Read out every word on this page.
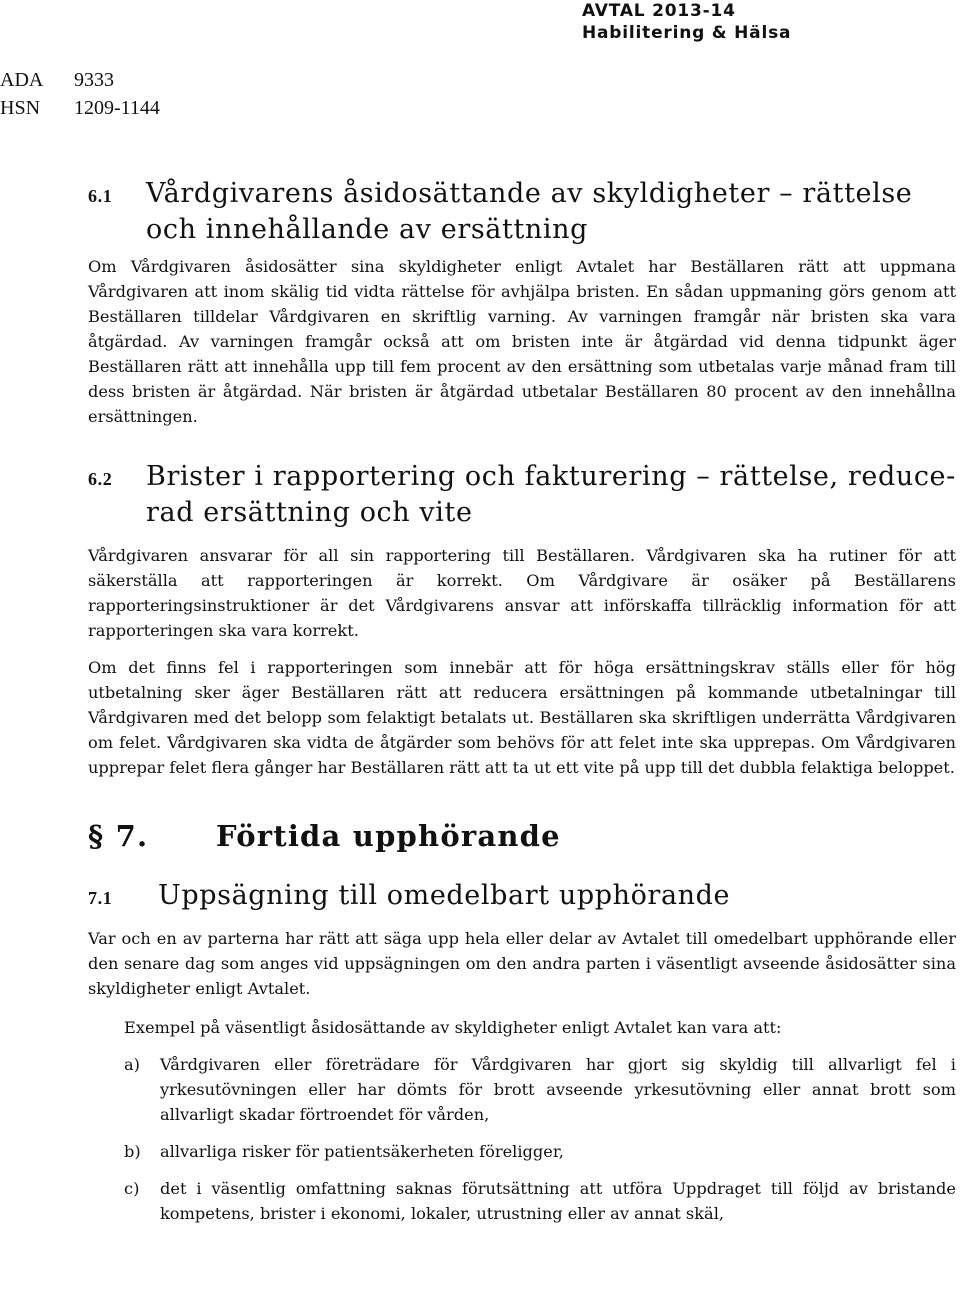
AVTAL 2013-14
Habilitering & Hälsa
ADA	9333
HSN	1209-1144
6.1	Vårdgivarens åsidosättande av skyldigheter – rättelse
och innehållande av ersättning

Om Vårdgivaren åsidosätter sina skyldigheter enligt Avtalet har Beställaren rätt att uppmana Vårdgivaren att inom skälig tid vidta rättelse för avhjälpa bristen. En sådan uppmaning görs genom att Beställaren tilldelar Vårdgivaren en skriftlig varning. Av varningen framgår när bristen ska vara åtgärdad. Av varningen framgår också att om bristen inte är åtgärdad vid denna tidpunkt äger Beställaren rätt att innehålla upp till fem procent av den ersättning som utbetalas varje månad fram till dess bristen är åtgärdad. När bristen är åtgärdad utbetalar Beställaren 80 procent av den innehållna ersättningen.

6.2	Brister i rapportering och fakturering – rättelse, reduce-
rad ersättning och vite

Vårdgivaren ansvarar för all sin rapportering till Beställaren. Vårdgivaren ska ha rutiner för att säkerställa att rapporteringen är korrekt. Om Vårdgivare är osäker på Beställarens rapporteringsinstruktioner är det Vårdgivarens ansvar att införskaffa tillräcklig information för att rapporteringen ska vara korrekt.

Om det finns fel i rapporteringen som innebär att för höga ersättningskrav ställs eller för hög utbetalning sker äger Beställaren rätt att reducera ersättningen på kommande utbetalningar till Vårdgivaren med det belopp som felaktigt betalats ut. Beställaren ska skriftligen underrätta Vårdgivaren om felet. Vårdgivaren ska vidta de åtgärder som behövs för att felet inte ska upprepas. Om Vårdgivaren upprepar felet flera gånger har Beställaren rätt att ta ut ett vite på upp till det dubbla felaktiga beloppet.

§ 7.	Förtida upphörande
7.1	Uppsägning till omedelbart upphörande

Var och en av parterna har rätt att säga upp hela eller delar av Avtalet till omedelbart upphörande eller den senare dag som anges vid uppsägningen om den andra parten i väsentligt avseende åsidosätter sina skyldigheter enligt Avtalet.

Exempel på väsentligt åsidosättande av skyldigheter enligt Avtalet kan vara att:

a)	Vårdgivaren eller företrädare för Vårdgivaren har gjort sig skyldig till allvarligt fel i yrkesutövningen eller har dömts för brott avseende yrkesutövning eller annat brott som allvarligt skadar förtroendet för vården,
b)	allvarliga risker för patientsäkerheten föreligger,
c)	det i väsentlig omfattning saknas förutsättning att utföra Uppdraget till följd av bristande kompetens, brister i ekonomi, lokaler, utrustning eller av annat skäl,
